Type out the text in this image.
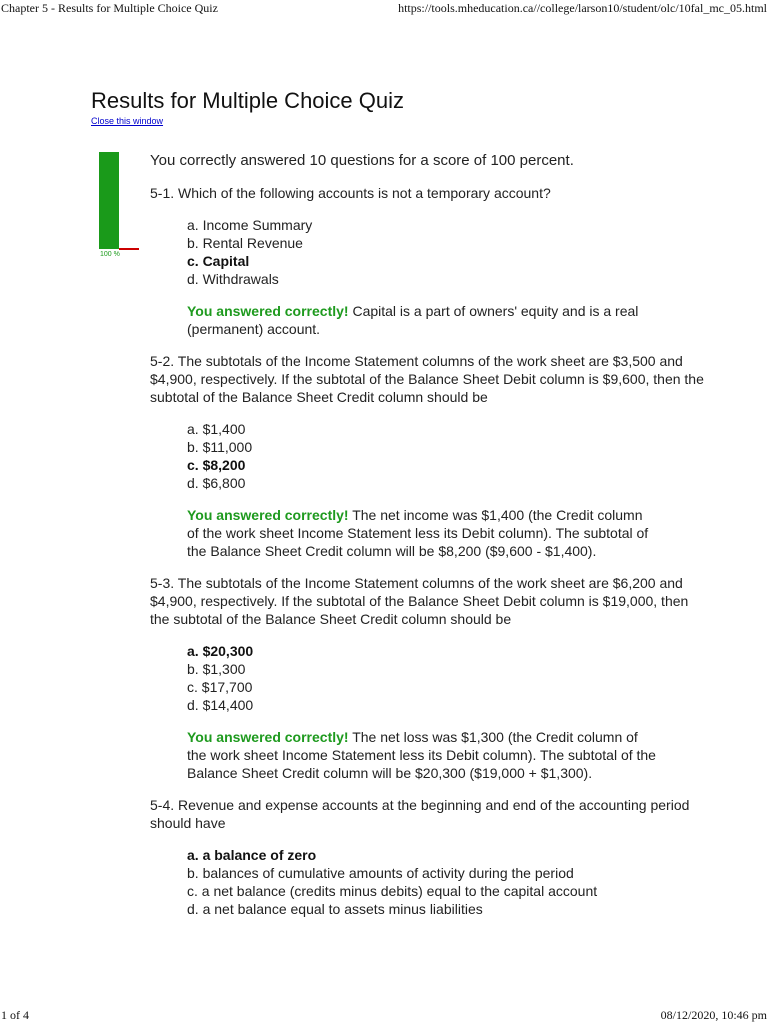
Chapter 5 - Results for Multiple Choice Quiz	https://tools.mheducation.ca//college/larson10/student/olc/10fal_mc_05.html
Results for Multiple Choice Quiz
Close this window
100 %

You correctly answered 10 questions for a score of 100 percent.

5-1. Which of the following accounts is not a temporary account?

a. Income Summary
b. Rental Revenue
c. Capital
d. Withdrawals

You answered correctly! Capital is a part of owners' equity and is a real (permanent) account.

5-2. The subtotals of the Income Statement columns of the work sheet are $3,500 and $4,900, respectively. If the subtotal of the Balance Sheet Debit column is $9,600, then the subtotal of the Balance Sheet Credit column should be

a. $1,400
b. $11,000
c. $8,200
d. $6,800

You answered correctly! The net income was $1,400 (the Credit column of the work sheet Income Statement less its Debit column). The subtotal of the Balance Sheet Credit column will be $8,200 ($9,600 - $1,400).

5-3. The subtotals of the Income Statement columns of the work sheet are $6,200 and $4,900, respectively. If the subtotal of the Balance Sheet Debit column is $19,000, then the subtotal of the Balance Sheet Credit column should be

a. $20,300
b. $1,300
c. $17,700
d. $14,400

You answered correctly! The net loss was $1,300 (the Credit column of the work sheet Income Statement less its Debit column). The subtotal of the Balance Sheet Credit column will be $20,300 ($19,000 + $1,300).

5-4. Revenue and expense accounts at the beginning and end of the accounting period should have

a. a balance of zero
b. balances of cumulative amounts of activity during the period
c. a net balance (credits minus debits) equal to the capital account
d. a net balance equal to assets minus liabilities
1 of 4	08/12/2020, 10:46 pm
